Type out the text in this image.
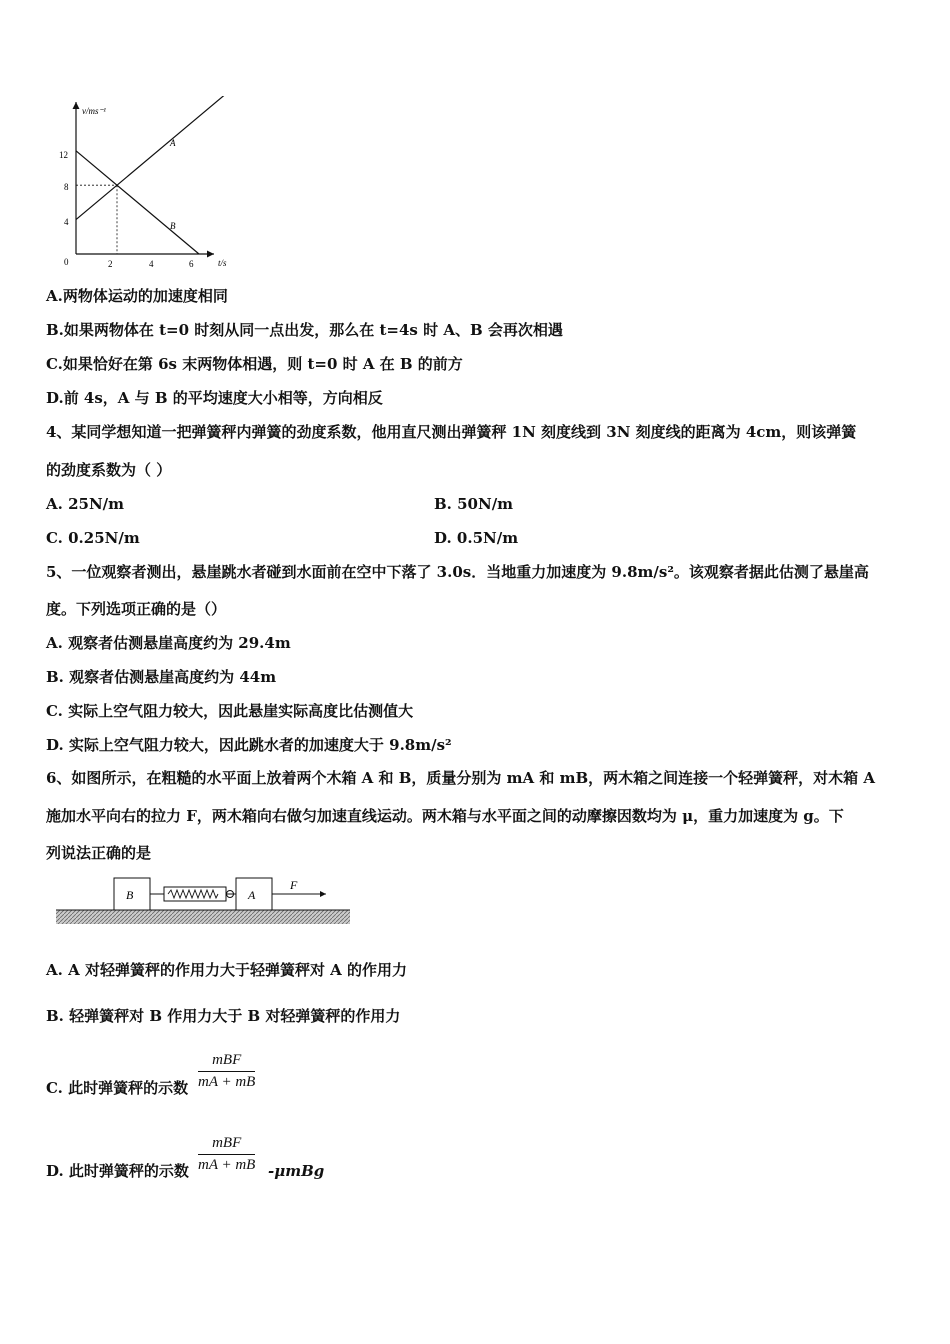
v/ms⁻¹
t/s
12
8
4
0	2	4	6
A
B
A.两物体运动的加速度相同
B.如果两物体在 t=0 时刻从同一点出发，那么在 t=4s 时 A、B 会再次相遇
C.如果恰好在第 6s 末两物体相遇，则 t=0 时 A 在 B 的前方
D.前 4s，A 与 B 的平均速度大小相等，方向相反
4、某同学想知道一把弹簧秤内弹簧的劲度系数，他用直尺测出弹簧秤 1N 刻度线到 3N 刻度线的距离为 4cm，则该弹簧
的劲度系数为（ ）
A. 25N/m	B. 50N/m
C. 0.25N/m	D. 0.5N/m
5、一位观察者测出，悬崖跳水者碰到水面前在空中下落了 3.0s．当地重力加速度为 9.8m/s²。该观察者据此估测了悬崖高
度。下列选项正确的是（）
A. 观察者估测悬崖高度约为 29.4m
B. 观察者估测悬崖高度约为 44m
C. 实际上空气阻力较大，因此悬崖实际高度比估测值大
D. 实际上空气阻力较大，因此跳水者的加速度大于 9.8m/s²
6、如图所示，在粗糙的水平面上放着两个木箱 A 和 B，质量分别为 mA 和 mB，两木箱之间连接一个轻弹簧秤，对木箱 A
施加水平向右的拉力 F，两木箱向右做匀加速直线运动。两木箱与水平面之间的动摩擦因数均为 μ，重力加速度为 g。下
列说法正确的是
B	A
F
A. A 对轻弹簧秤的作用力大于轻弹簧秤对 A 的作用力
B. 轻弹簧秤对 B 作用力大于 B 对轻弹簧秤的作用力
C. 此时弹簧秤的示数
mBF
mA + mB
D. 此时弹簧秤的示数
mBF
mA + mB -μmBg
